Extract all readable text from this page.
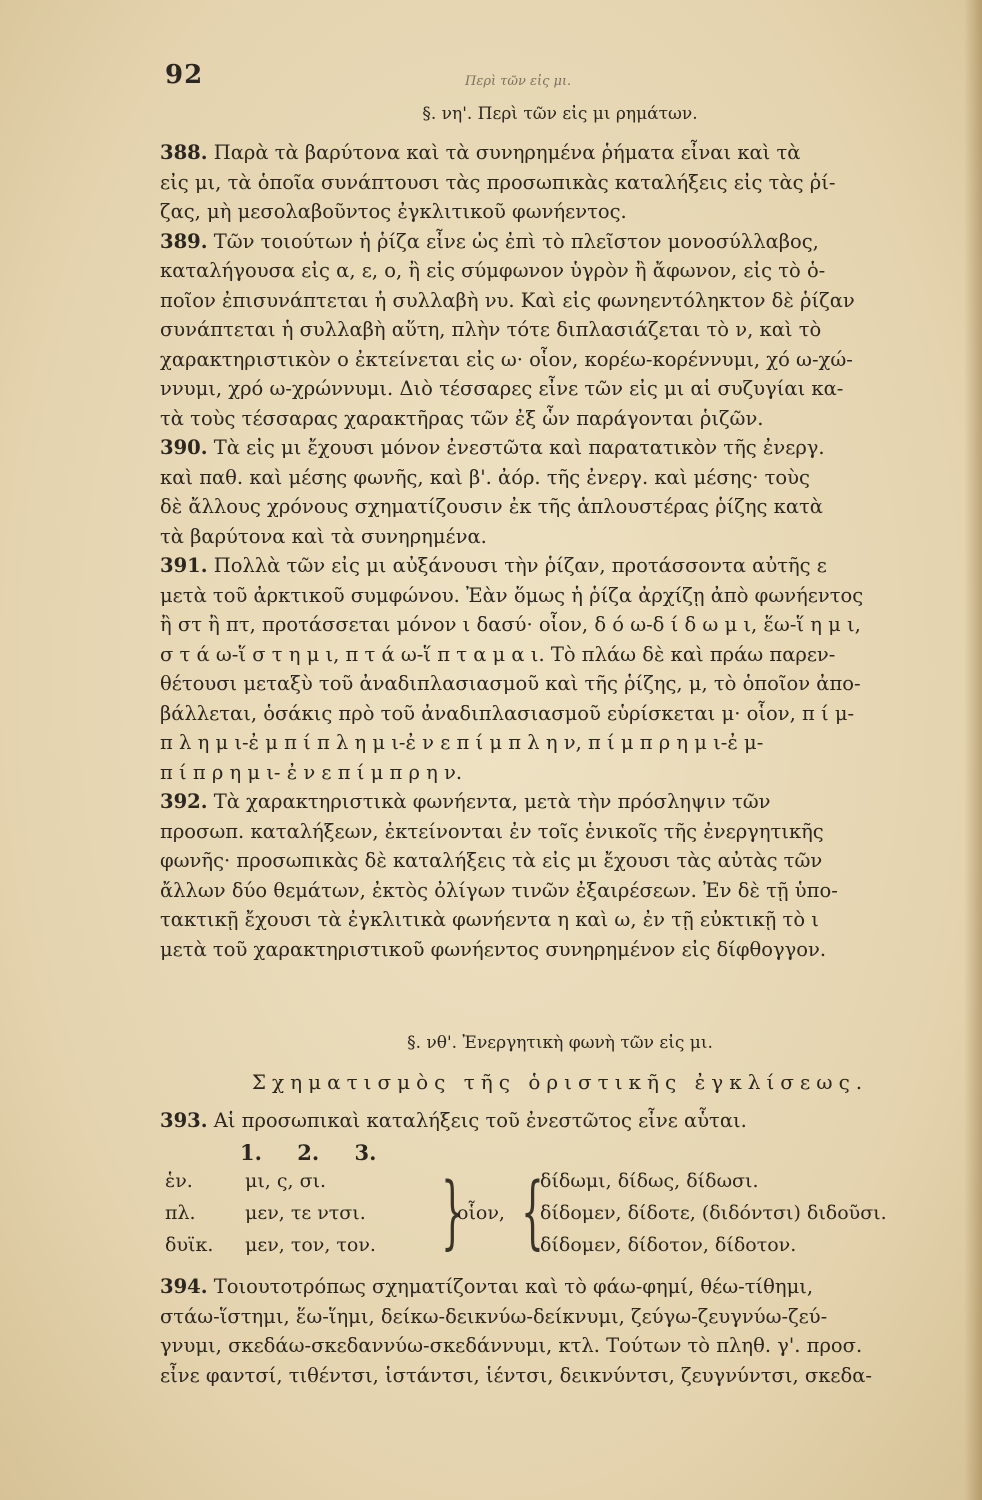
92	Περὶ τῶν εἰς μι.
§. νη'. Περὶ τῶν εἰς μι ρημάτων.
388. Παρὰ τὰ βαρύτονα καὶ τὰ συνηρημένα ῥήματα εἶναι καὶ τὰ
εἰς μι, τὰ ὁποῖα συνάπτουσι τὰς προσωπικὰς καταλήξεις εἰς τὰς ῥί-
ζας, μὴ μεσολαβοῦντος ἐγκλιτικοῦ φωνήεντος.
389. Τῶν τοιούτων ἡ ῥίζα εἶνε ὡς ἐπὶ τὸ πλεῖστον μονοσύλλαβος,
καταλήγουσα εἰς α, ε, ο, ἢ εἰς σύμφωνον ὑγρὸν ἢ ἄφωνον, εἰς τὸ ὁ-
ποῖον ἐπισυνάπτεται ἡ συλλαβὴ νυ. Καὶ εἰς φωνηεντόληκτον δὲ ῥίζαν
συνάπτεται ἡ συλλαβὴ αὕτη, πλὴν τότε διπλασιάζεται τὸ ν, καὶ τὸ
χαρακτηριστικὸν ο ἐκτείνεται εἰς ω· οἷον, κορέω-κορέννυμι, χό ω-χώ-
ννυμι, χρό ω-χρώννυμι. Διὸ τέσσαρες εἶνε τῶν εἰς μι αἱ συζυγίαι κα-
τὰ τοὺς τέσσαρας χαρακτῆρας τῶν ἐξ ὧν παράγονται ῥιζῶν.
390. Τὰ εἰς μι ἔχουσι μόνον ἐνεστῶτα καὶ παρατατικὸν τῆς ἐνεργ.
καὶ παθ. καὶ μέσης φωνῆς, καὶ β'. ἀόρ. τῆς ἐνεργ. καὶ μέσης· τοὺς
δὲ ἄλλους χρόνους σχηματίζουσιν ἐκ τῆς ἁπλουστέρας ῥίζης κατὰ
τὰ βαρύτονα καὶ τὰ συνηρημένα.
391. Πολλὰ τῶν εἰς μι αὐξάνουσι τὴν ῥίζαν, προτάσσοντα αὐτῆς ε
μετὰ τοῦ ἀρκτικοῦ συμφώνου. Ἐὰν ὅμως ἡ ῥίζα ἀρχίζῃ ἀπὸ φωνήεντος
ἢ στ ἢ πτ, προτάσσεται μόνον ι δασύ· οἷον, δ ό ω-δ ί δ ω μ ι, ἕω-ἵ η μ ι,
σ τ ά ω-ἵ σ τ η μ ι, π τ ά ω-ἵ π τ α μ α ι. Τὸ πλάω δὲ καὶ πράω παρεν-
θέτουσι μεταξὺ τοῦ ἀναδιπλασιασμοῦ καὶ τῆς ῥίζης, μ, τὸ ὁποῖον ἀπο-
βάλλεται, ὁσάκις πρὸ τοῦ ἀναδιπλασιασμοῦ εὑρίσκεται μ· οἷον, π ί μ-
π λ η μ ι-ἐ μ π ί π λ η μ ι-ἐ ν ε π ί μ π λ η ν, π ί μ π ρ η μ ι-ἐ μ-
π ί π ρ η μ ι- ἐ ν ε π ί μ π ρ η ν.
392. Τὰ χαρακτηριστικὰ φωνήεντα, μετὰ τὴν πρόσληψιν τῶν
προσωπ. καταλήξεων, ἐκτείνονται ἐν τοῖς ἑνικοῖς τῆς ἐνεργητικῆς
φωνῆς· προσωπικὰς δὲ καταλήξεις τὰ εἰς μι ἔχουσι τὰς αὐτὰς τῶν
ἄλλων δύο θεμάτων, ἐκτὸς ὀλίγων τινῶν ἐξαιρέσεων. Ἐν δὲ τῇ ὑπο-
τακτικῇ ἔχουσι τὰ ἐγκλιτικὰ φωνήεντα η καὶ ω, ἐν τῇ εὐκτικῇ τὸ ι
μετὰ τοῦ χαρακτηριστικοῦ φωνήεντος συνηρημένον εἰς δίφθογγον.
§. νθ'. Ἐνεργητικὴ φωνὴ τῶν εἰς μι.
Σχηματισμὸς τῆς ὁριστικῆς ἐγκλίσεως.
393. Αἱ προσωπικαὶ καταλήξεις τοῦ ἐνεστῶτος εἶνε αὗται.
1. 2. 3.
ἑν.	μι, ς, σι.	δίδωμι, δίδως, δίδωσι.
πλ.	μεν, τε ντσι.	δίδομεν, δίδοτε, (διδόντσι) διδοῦσι.
δυϊκ. μεν, τον, τον.	δίδομεν, δίδοτον, δίδοτον.
}
οἷον, {
394. Τοιουτοτρόπως σχηματίζονται καὶ τὸ φάω-φημί, θέω-τίθημι,
στάω-ἵστημι, ἕω-ἵημι, δείκω-δεικνύω-δείκνυμι, ζεύγω-ζευγνύω-ζεύ-
γνυμι, σκεδάω-σκεδαννύω-σκεδάννυμι, κτλ. Τούτων τὸ πληθ. γ'. προσ.
εἶνε φαντσί, τιθέντσι, ἱστάντσι, ἱέντσι, δεικνύντσι, ζευγνύντσι, σκεδα-
